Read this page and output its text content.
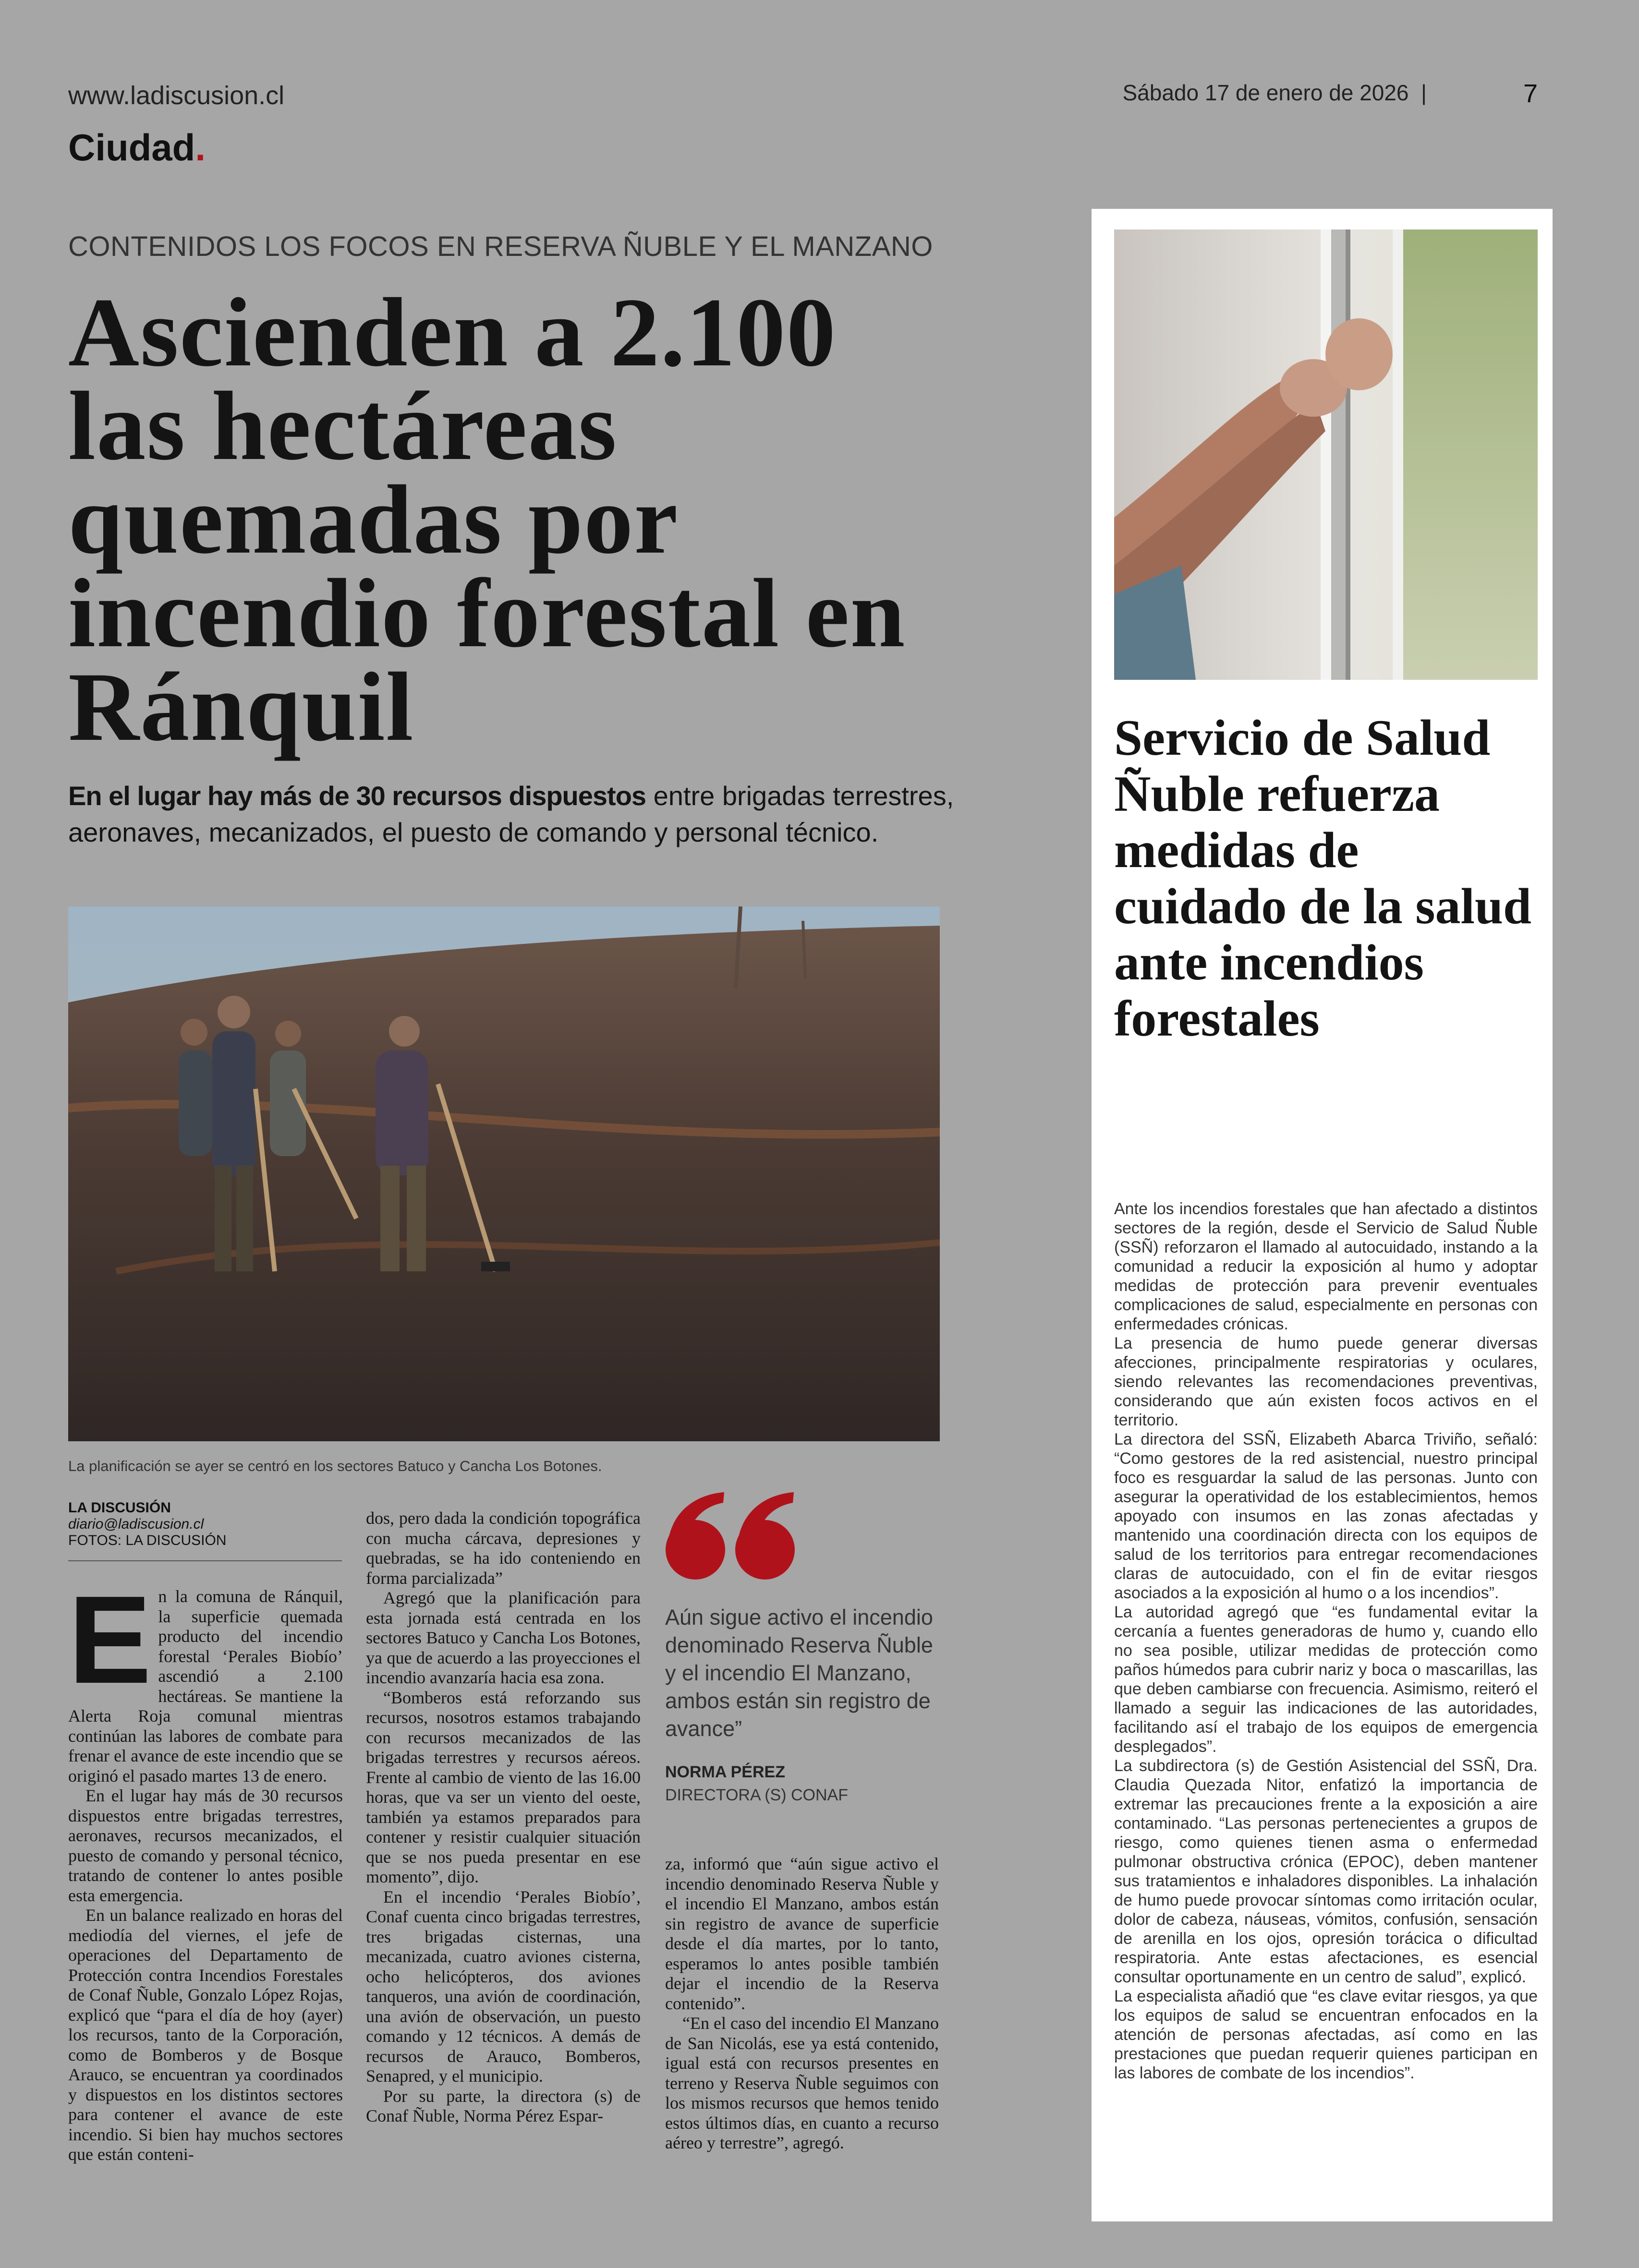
www.ladiscusion.cl
Ciudad.
Sábado 17 de enero de 2026 |	7
CONTENIDOS LOS FOCOS EN RESERVA ÑUBLE Y EL MANZANO
Ascienden a 2.100 las hectáreas quemadas por incendio forestal en Ránquil
En el lugar hay más de 30 recursos dispuestos entre brigadas terrestres, aeronaves, mecanizados, el puesto de comando y personal técnico.
La planificación se ayer se centró en los sectores Batuco y Cancha Los Botones.
LA DISCUSIÓN
diario@ladiscusion.cl
FOTOS: LA DISCUSIÓN

En la comuna de Ránquil, la superficie quemada producto del incendio forestal ‘Perales Biobío’ ascendió a 2.100 hectáreas. Se mantiene la Alerta Roja comunal mientras continúan las labores de combate para frenar el avance de este incendio que se originó el pasado martes 13 de enero.

En el lugar hay más de 30 recursos dispuestos entre brigadas terrestres, aeronaves, recursos mecanizados, el puesto de comando y personal técnico, tratando de contener lo antes posible esta emergencia.

En un balance realizado en horas del mediodía del viernes, el jefe de operaciones del Departamento de Protección contra Incendios Forestales de Conaf Ñuble, Gonzalo López Rojas, explicó que “para el día de hoy (ayer) los recursos, tanto de la Corporación, como de Bomberos y de Bosque Arauco, se encuentran ya coordinados y dispuestos en los distintos sectores para contener el avance de este incendio. Si bien hay muchos sectores que están conteni-

dos, pero dada la condición topográfica con mucha cárcava, depresiones y quebradas, se ha ido conteniendo en forma parcializada”

Agregó que la planificación para esta jornada está centrada en los sectores Batuco y Cancha Los Botones, ya que de acuerdo a las proyecciones el incendio avanzaría hacia esa zona.

“Bomberos está reforzando sus recursos, nosotros estamos trabajando con recursos mecanizados de las brigadas terrestres y recursos aéreos. Frente al cambio de viento de las 16.00 horas, que va ser un viento del oeste, también ya estamos preparados para contener y resistir cualquier situación que se nos pueda presentar en ese momento”, dijo.

En el incendio ‘Perales Biobío’, Conaf cuenta cinco brigadas terrestres, tres brigadas cisternas, una mecanizada, cuatro aviones cisterna, ocho helicópteros, dos aviones tanqueros, una avión de coordinación, una avión de observación, un puesto comando y 12 técnicos. A demás de recursos de Arauco, Bomberos, Senapred, y el municipio.

Por su parte, la directora (s) de Conaf Ñuble, Norma Pérez Espar-

Aún sigue activo el incendio denominado Reserva Ñuble y el incendio El Manzano, ambos están sin registro de avance”
NORMA PÉREZ
DIRECTORA (S) CONAF

za, informó que “aún sigue activo el incendio denominado Reserva Ñuble y el incendio El Manzano, ambos están sin registro de avance de superficie desde el día martes, por lo tanto, esperamos lo antes posible también dejar el incendio de la Reserva contenido”.

“En el caso del incendio El Manzano de San Nicolás, ese ya está contenido, igual está con recursos presentes en terreno y Reserva Ñuble seguimos con los mismos recursos que hemos tenido estos últimos días, en cuanto a recurso aéreo y terrestre”, agregó.

Servicio de Salud Ñuble refuerza medidas de cuidado de la salud ante incendios forestales

Ante los incendios forestales que han afectado a distintos sectores de la región, desde el Servicio de Salud Ñuble (SSÑ) reforzaron el llamado al autocuidado, instando a la comunidad a reducir la exposición al humo y adoptar medidas de protección para prevenir eventuales complicaciones de salud, especialmente en personas con enfermedades crónicas.

La presencia de humo puede generar diversas afecciones, principalmente respiratorias y oculares, siendo relevantes las recomendaciones preventivas, considerando que aún existen focos activos en el territorio.

La directora del SSÑ, Elizabeth Abarca Triviño, señaló: “Como gestores de la red asistencial, nuestro principal foco es resguardar la salud de las personas. Junto con asegurar la operatividad de los establecimientos, hemos apoyado con insumos en las zonas afectadas y mantenido una coordinación directa con los equipos de salud de los territorios para entregar recomendaciones claras de autocuidado, con el fin de evitar riesgos asociados a la exposición al humo o a los incendios”.

La autoridad agregó que “es fundamental evitar la cercanía a fuentes generadoras de humo y, cuando ello no sea posible, utilizar medidas de protección como paños húmedos para cubrir nariz y boca o mascarillas, las que deben cambiarse con frecuencia. Asimismo, reiteró el llamado a seguir las indicaciones de las autoridades, facilitando así el trabajo de los equipos de emergencia desplegados”.

La subdirectora (s) de Gestión Asistencial del SSÑ, Dra. Claudia Quezada Nitor, enfatizó la importancia de extremar las precauciones frente a la exposición a aire contaminado. “Las personas pertenecientes a grupos de riesgo, como quienes tienen asma o enfermedad pulmonar obstructiva crónica (EPOC), deben mantener sus tratamientos e inhaladores disponibles. La inhalación de humo puede provocar síntomas como irritación ocular, dolor de cabeza, náuseas, vómitos, confusión, sensación de arenilla en los ojos, opresión torácica o dificultad respiratoria. Ante estas afectaciones, es esencial consultar oportunamente en un centro de salud”, explicó.

La especialista añadió que “es clave evitar riesgos, ya que los equipos de salud se encuentran enfocados en la atención de personas afectadas, así como en las prestaciones que puedan requerir quienes participan en las labores de combate de los incendios”.
